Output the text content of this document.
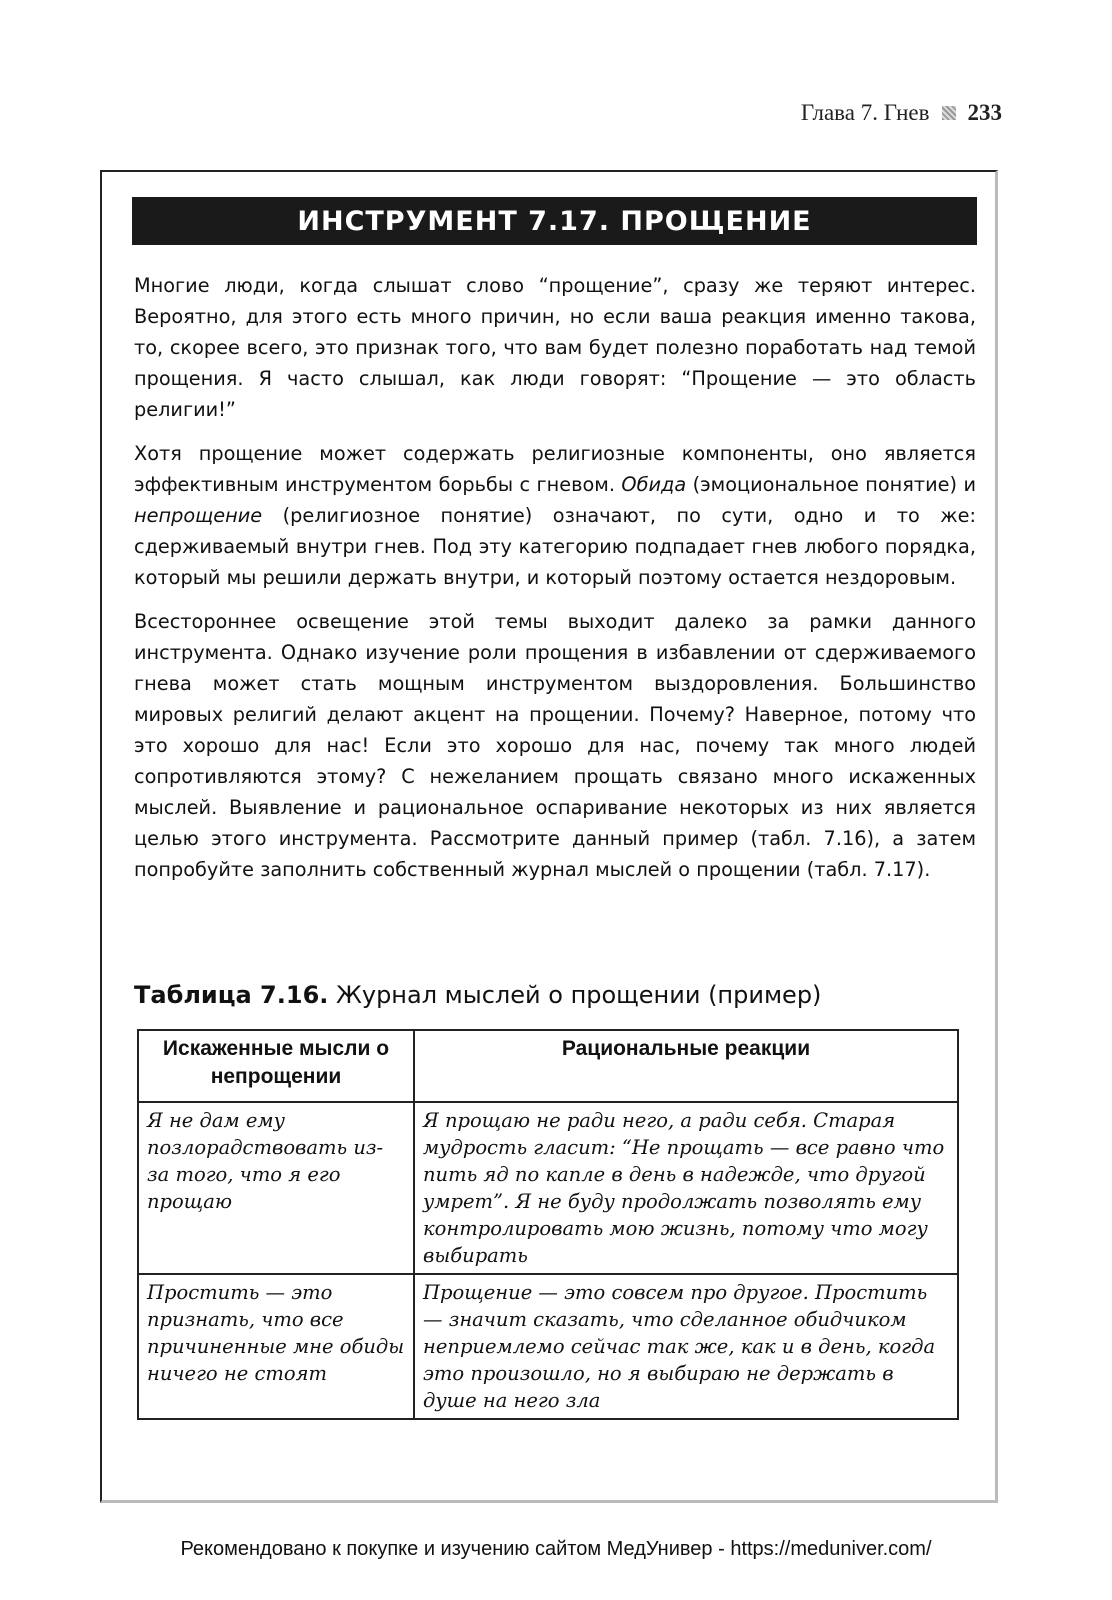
Глава 7. Гнев 233
ИНСТРУМЕНТ 7.17. ПРОЩЕНИЕ

Многие люди, когда слышат слово “прощение”, сразу же теряют интерес. Вероятно, для этого есть много причин, но если ваша реакция именно такова, то, скорее всего, это признак того, что вам будет полезно поработать над темой прощения. Я часто слышал, как люди говорят: “Прощение — это область религии!”

Хотя прощение может содержать религиозные компоненты, оно является эффективным инструментом борьбы с гневом. Обида (эмоциональное понятие) и непрощение (религиозное понятие) означают, по сути, одно и то же: сдерживаемый внутри гнев. Под эту категорию подпадает гнев любого порядка, который мы решили держать внутри, и который поэтому остается нездоровым.

Всестороннее освещение этой темы выходит далеко за рамки данного инструмента. Однако изучение роли прощения в избавлении от сдерживаемого гнева может стать мощным инструментом выздоровления. Большинство мировых религий делают акцент на прощении. Почему? Наверное, потому что это хорошо для нас! Если это хорошо для нас, почему так много людей сопротивляются этому? С нежеланием прощать связано много искаженных мыслей. Выявление и рациональное оспаривание некоторых из них является целью этого инструмента. Рассмотрите данный пример (табл. 7.16), а затем попробуйте заполнить собственный журнал мыслей о прощении (табл. 7.17).

Таблица 7.16. Журнал мыслей о прощении (пример)
Искаженные мысли о непрощении	Рациональные реакции
Я не дам ему позлорадствовать из-за того, что я его прощаю	Я прощаю не ради него, а ради себя. Старая мудрость гласит: “Не прощать — все равно что пить яд по капле в день в надежде, что другой умрет”. Я не буду продолжать позволять ему контролировать мою жизнь, потому что могу выбирать
Простить — это признать, что все причиненные мне обиды ничего не стоят	Прощение — это совсем про другое. Простить — значит сказать, что сделанное обидчиком неприемлемо сейчас так же, как и в день, когда это произошло, но я выбираю не держать в душе на него зла
Рекомендовано к покупке и изучению сайтом МедУнивер - https://meduniver.com/
